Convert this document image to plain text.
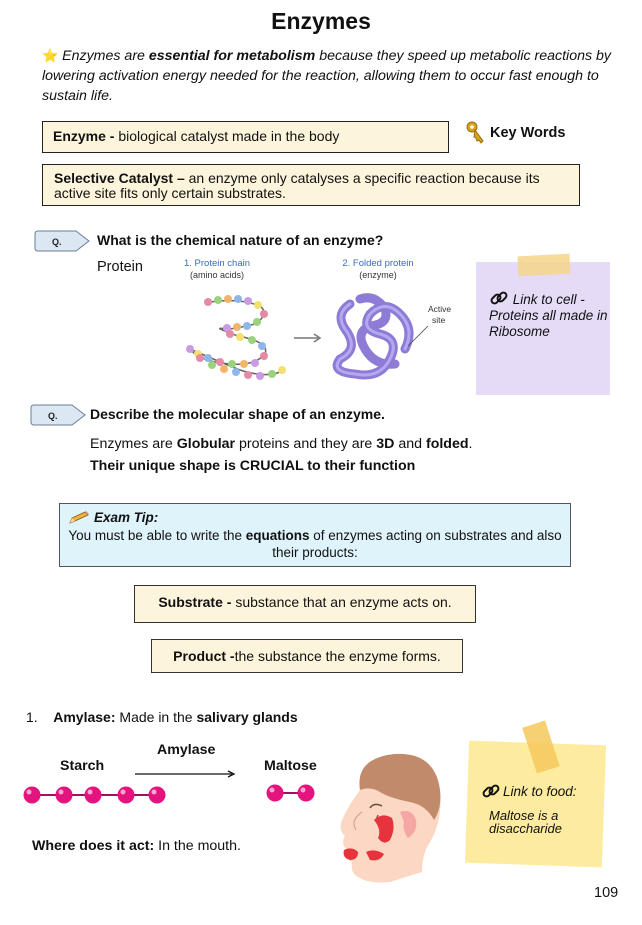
Enzymes
⭐ Enzymes are essential for metabolism because they speed up metabolic reactions by lowering activation energy needed for the reaction, allowing them to occur fast enough to sustain life.
Enzyme - biological catalyst made in the body	Key Words
Selective Catalyst – an enzyme only catalyses a specific reaction because its active site fits only certain substrates.
Q.	What is the chemical nature of an enzyme?
Protein	1. Protein chain
(amino acids)
2. Folded protein
(enzyme)
Active
site
Link to cell -
Proteins all made in Ribosome
Q. Describe the molecular shape of an enzyme.
Enzymes are Globular proteins and they are 3D and folded.
Their unique shape is CRUCIAL to their function
Exam Tip:
You must be able to write the equations of enzymes acting on substrates and also their products:
Substrate - substance that an enzyme acts on.
Product -the substance the enzyme forms.
1. Amylase: Made in the salivary glands
Amylase
Starch	Maltose
Where does it act: In the mouth.
Link to food:
Maltose is a disaccharide
109
